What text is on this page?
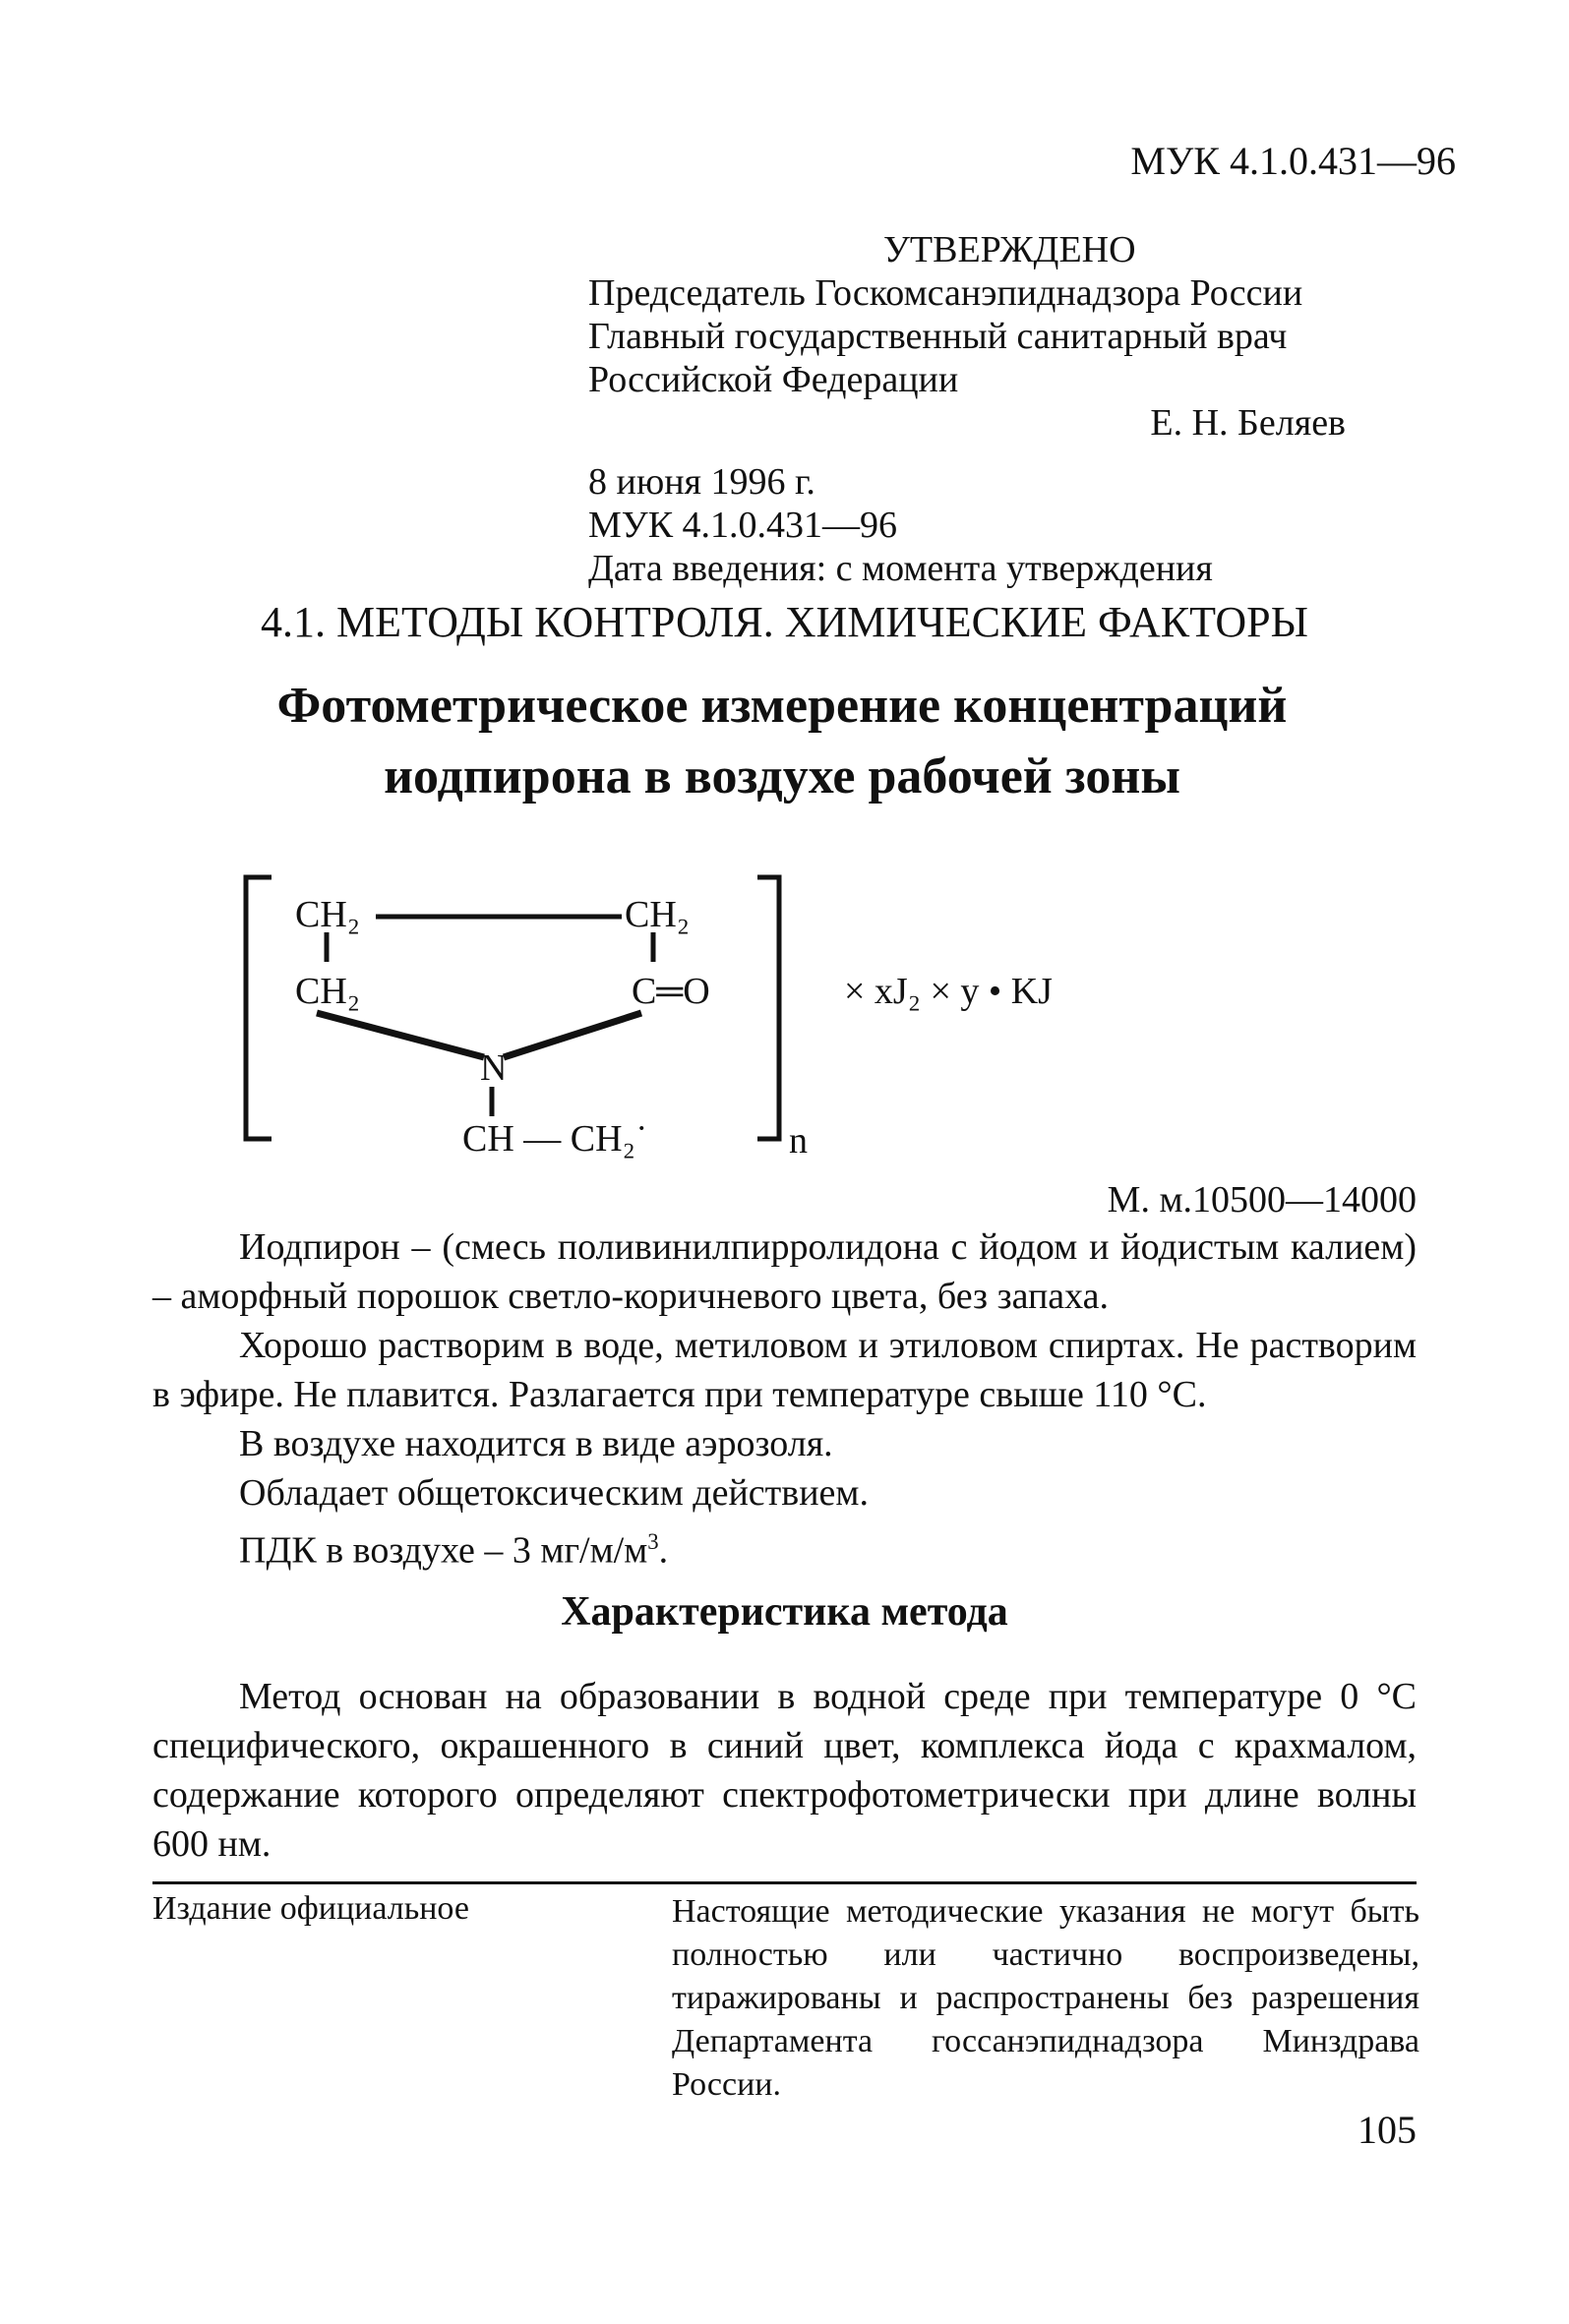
МУК 4.1.0.431—96
УТВЕРЖДЕНО
Председатель Госкомсанэпиднадзора России
Главный государственный санитарный врач
Российской Федерации
Е. Н. Беляев
8 июня 1996 г.
МУК 4.1.0.431—96
Дата введения: с момента утверждения
4.1. МЕТОДЫ КОНТРОЛЯ. ХИМИЧЕСКИЕ ФАКТОРЫ
Фотометрическое измерение концентраций
иодпирона в воздухе рабочей зоны
CH₂	CH₂
CH₂	C═O
N
CH — CH₂˙	n
× xJ₂ × y • KJ
М. м.10500—14000

Иодпирон – (смесь поливинилпирролидона с йодом и йодистым калием) – аморфный порошок светло-коричневого цвета, без запаха.

Хорошо растворим в воде, метиловом и этиловом спиртах. Не растворим в эфире. Не плавится. Разлагается при температуре свыше 110 °С.

В воздухе находится в виде аэрозоля.

Обладает общетоксическим действием.

ПДК в воздухе – 3 $мг/м/м^3$.

Характеристика метода

Метод основан на образовании в водной среде при температуре 0 °С специфического, окрашенного в синий цвет, комплекса йода с крахмалом, содержание которого определяют спектрофотометрически при длине волны 600 нм.

Издание официальное	Настоящие методические указания не могут быть полностью или частично воспроизведены, тиражированы и распространены без разрешения Департамента госсанэпиднадзора Минздрава России.
105
